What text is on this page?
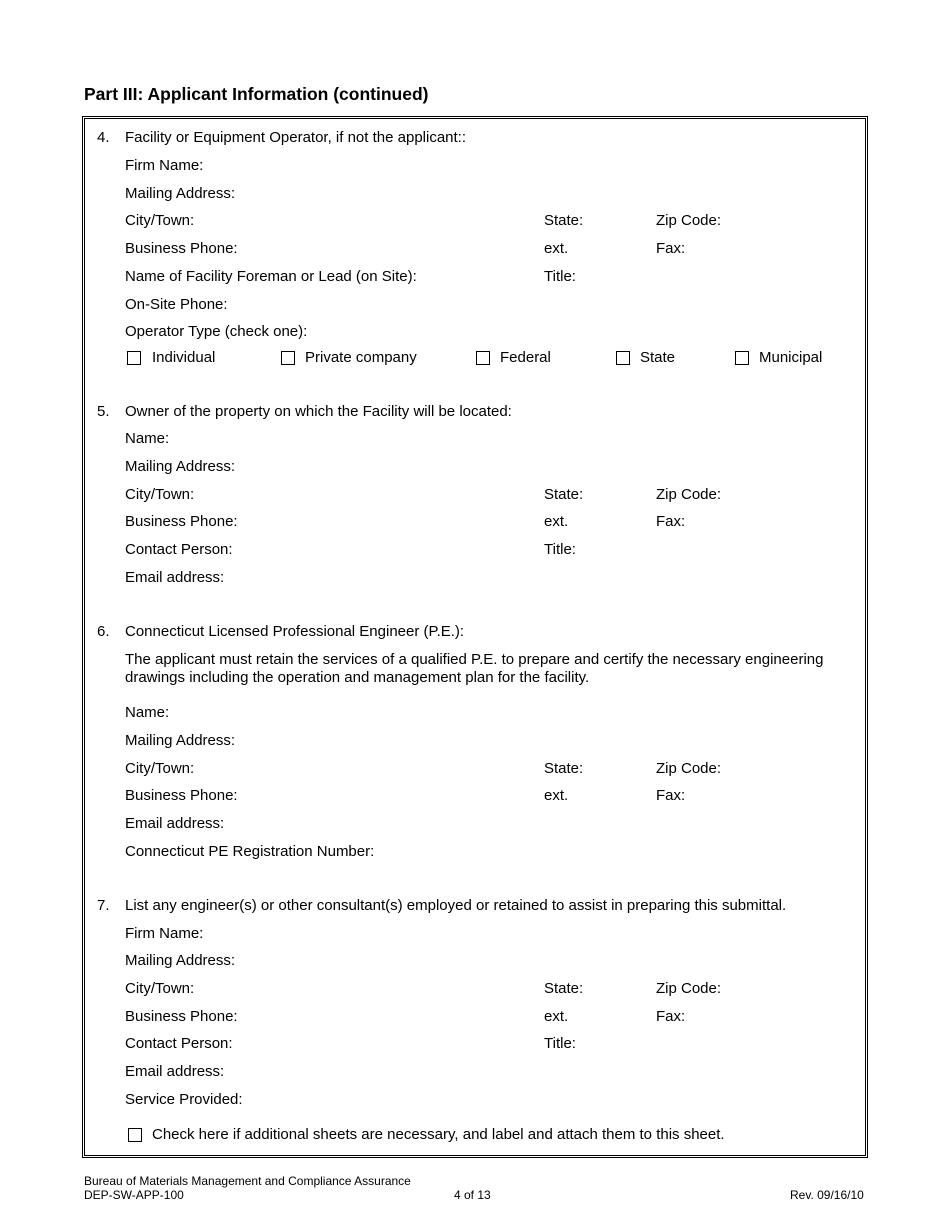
Part III: Applicant Information (continued)
4. Facility or Equipment Operator, if not the applicant::
Firm Name:
Mailing Address:
City/Town:	State:	Zip Code:
Business Phone:	ext.	Fax:
Name of Facility Foreman or Lead (on Site):	Title:
On-Site Phone:
Operator Type (check one):
Individual	Private company	Federal	State	Municipal
5. Owner of the property on which the Facility will be located:
Name:
Mailing Address:
City/Town:	State:	Zip Code:
Business Phone:	ext.	Fax:
Contact Person:	Title:
Email address:
6. Connecticut Licensed Professional Engineer (P.E.):
The applicant must retain the services of a qualified P.E. to prepare and certify the necessary engineering drawings including the operation and management plan for the facility.
Name:
Mailing Address:
City/Town:	State:	Zip Code:
Business Phone:	ext.	Fax:
Email address:
Connecticut PE Registration Number:
7. List any engineer(s) or other consultant(s) employed or retained to assist in preparing this submittal.
Firm Name:
Mailing Address:
City/Town:	State:	Zip Code:
Business Phone:	ext.	Fax:
Contact Person:	Title:
Email address:
Service Provided:
Check here if additional sheets are necessary, and label and attach them to this sheet.
Bureau of Materials Management and Compliance Assurance
DEP-SW-APP-100	4 of 13	Rev. 09/16/10
